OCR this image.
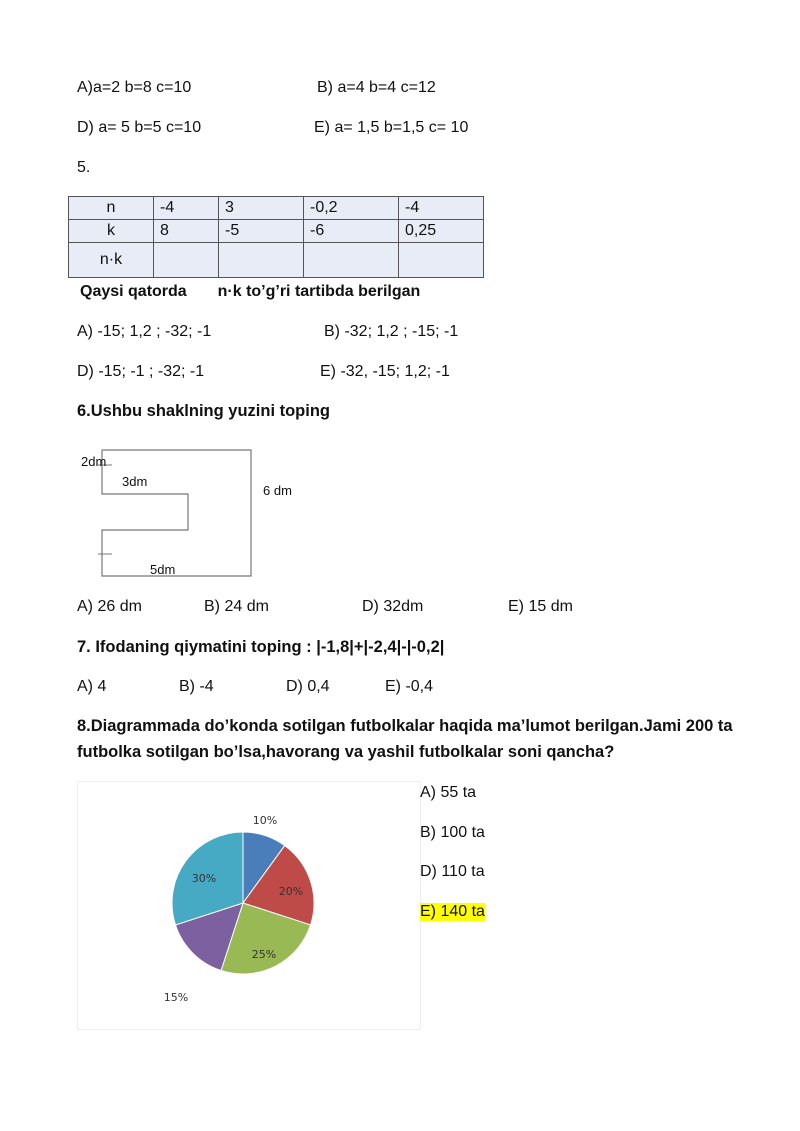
A)a=2 b=8 c=10	B) a=4 b=4 c=12
D) a= 5 b=5 c=10	E) a= 1,5 b=1,5 c= 10
5.
n	-4	3	-0,2	-4
k	8	-5	-6	0,25
n·k				
Qaysi qatorda n·k to’g’ri tartibda berilgan
A) -15; 1,2 ; -32; -1	B) -32; 1,2 ; -15; -1
D) -15; -1 ; -32; -1	E) -32, -15; 1,2; -1
6.Ushbu shaklning yuzini toping
2dm
3dm
6 dm
5dm
A) 26 dm	B) 24 dm	D) 32dm	E) 15 dm
7. Ifodaning qiymatini toping : |-1,8|+|-2,4|-|-0,2|
A) 4	B) -4	D) 0,4	E) -0,4
8.Diagrammada do’konda sotilgan futbolkalar haqida ma’lumot berilgan.Jami 200 ta
futbolka sotilgan bo’lsa,havorang va yashil futbolkalar soni qancha?
10%
20%
25%
15%
30%
A) 55 ta
B) 100 ta
D) 110 ta
E) 140 ta
